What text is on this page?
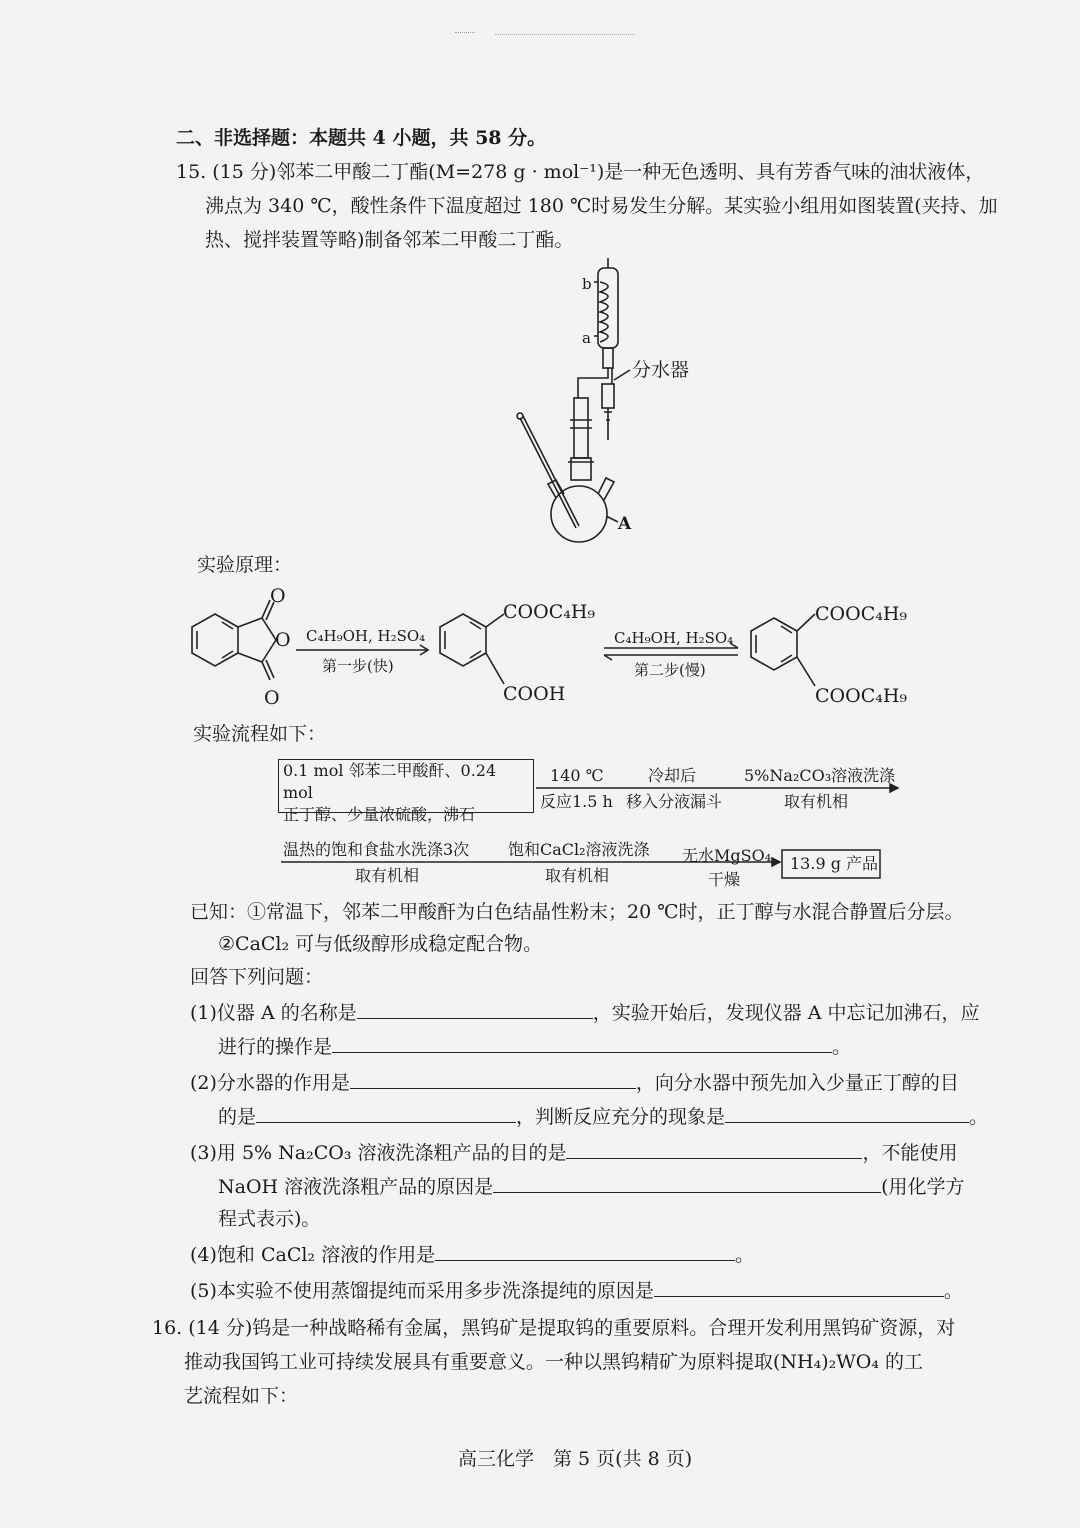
二、非选择题：本题共 4 小题，共 58 分。
15. (15 分)邻苯二甲酸二丁酯(M=278 g · mol⁻¹)是一种无色透明、具有芳香气味的油状液体，
沸点为 340 ℃，酸性条件下温度超过 180 ℃时易发生分解。某实验小组用如图装置(夹持、加
热、搅拌装置等略)制备邻苯二甲酸二丁酯。
b
a
分水器
A
实验原理：
O
O
O
C₄H₉OH, H₂SO₄
第一步(快)
COOC₄H₉
COOH
C₄H₉OH, H₂SO₄
第二步(慢)
COOC₄H₉
COOC₄H₉
实验流程如下：
0.1 mol 邻苯二甲酸酐、0.24 mol
正丁醇、少量浓硫酸，沸石
140 ℃
反应1.5 h
冷却后
移入分液漏斗
5%Na₂CO₃溶液洗涤
取有机相
温热的饱和食盐水洗涤3次
取有机相
饱和CaCl₂溶液洗涤
取有机相
无水MgSO₄
干燥
13.9 g 产品
已知：①常温下，邻苯二甲酸酐为白色结晶性粉末；20 ℃时，正丁醇与水混合静置后分层。
②CaCl₂ 可与低级醇形成稳定配合物。
回答下列问题：
(1)仪器 A 的名称是	，实验开始后，发现仪器 A 中忘记加沸石，应
进行的操作是	。
(2)分水器的作用是	，向分水器中预先加入少量正丁醇的目
的是	，判断反应充分的现象是	。
(3)用 5% Na₂CO₃ 溶液洗涤粗产品的目的是	，不能使用
NaOH 溶液洗涤粗产品的原因是	(用化学方
程式表示)。
(4)饱和 CaCl₂ 溶液的作用是	。
(5)本实验不使用蒸馏提纯而采用多步洗涤提纯的原因是	。
16. (14 分)钨是一种战略稀有金属，黑钨矿是提取钨的重要原料。合理开发利用黑钨矿资源，对
推动我国钨工业可持续发展具有重要意义。一种以黑钨精矿为原料提取(NH₄)₂WO₄ 的工
艺流程如下：
高三化学　第 5 页(共 8 页)
